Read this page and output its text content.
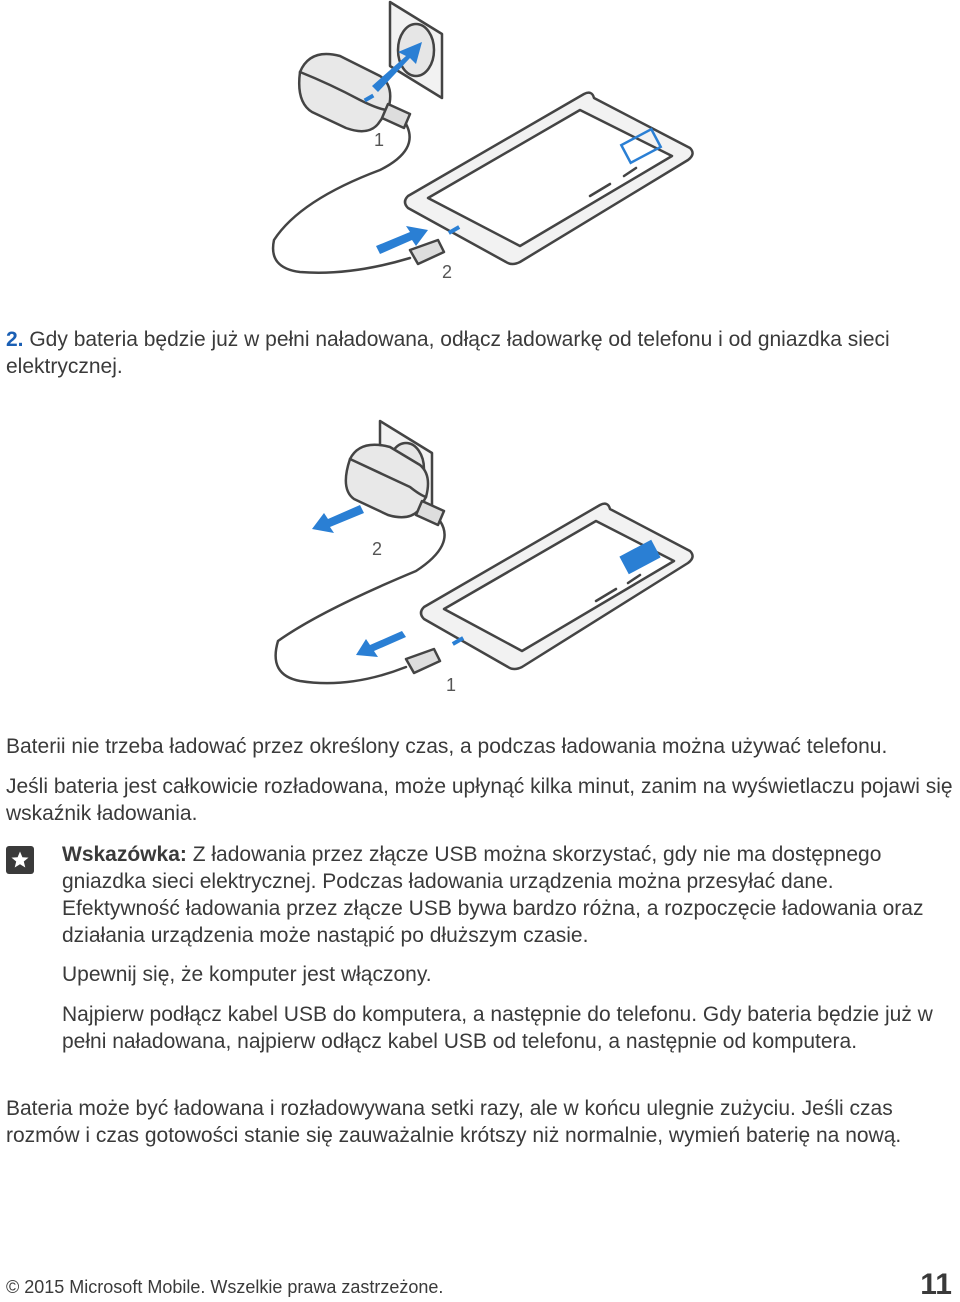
1
2

2. Gdy bateria będzie już w pełni naładowana, odłącz ładowarkę od telefonu i od gniazdka sieci elektrycznej.

2
1

Baterii nie trzeba ładować przez określony czas, a podczas ładowania można używać telefonu.

Jeśli bateria jest całkowicie rozładowana, może upłynąć kilka minut, zanim na wyświetlaczu pojawi się wskaźnik ładowania.

Wskazówka: Z ładowania przez złącze USB można skorzystać, gdy nie ma dostępnego gniazdka sieci elektrycznej. Podczas ładowania urządzenia można przesyłać dane. Efektywność ładowania przez złącze USB bywa bardzo różna, a rozpoczęcie ładowania oraz działania urządzenia może nastąpić po dłuższym czasie.

Upewnij się, że komputer jest włączony.

Najpierw podłącz kabel USB do komputera, a następnie do telefonu. Gdy bateria będzie już w pełni naładowana, najpierw odłącz kabel USB od telefonu, a następnie od komputera.

Bateria może być ładowana i rozładowywana setki razy, ale w końcu ulegnie zużyciu. Jeśli czas rozmów i czas gotowości stanie się zauważalnie krótszy niż normalnie, wymień baterię na nową.

© 2015 Microsoft Mobile. Wszelkie prawa zastrzeżone.	11
